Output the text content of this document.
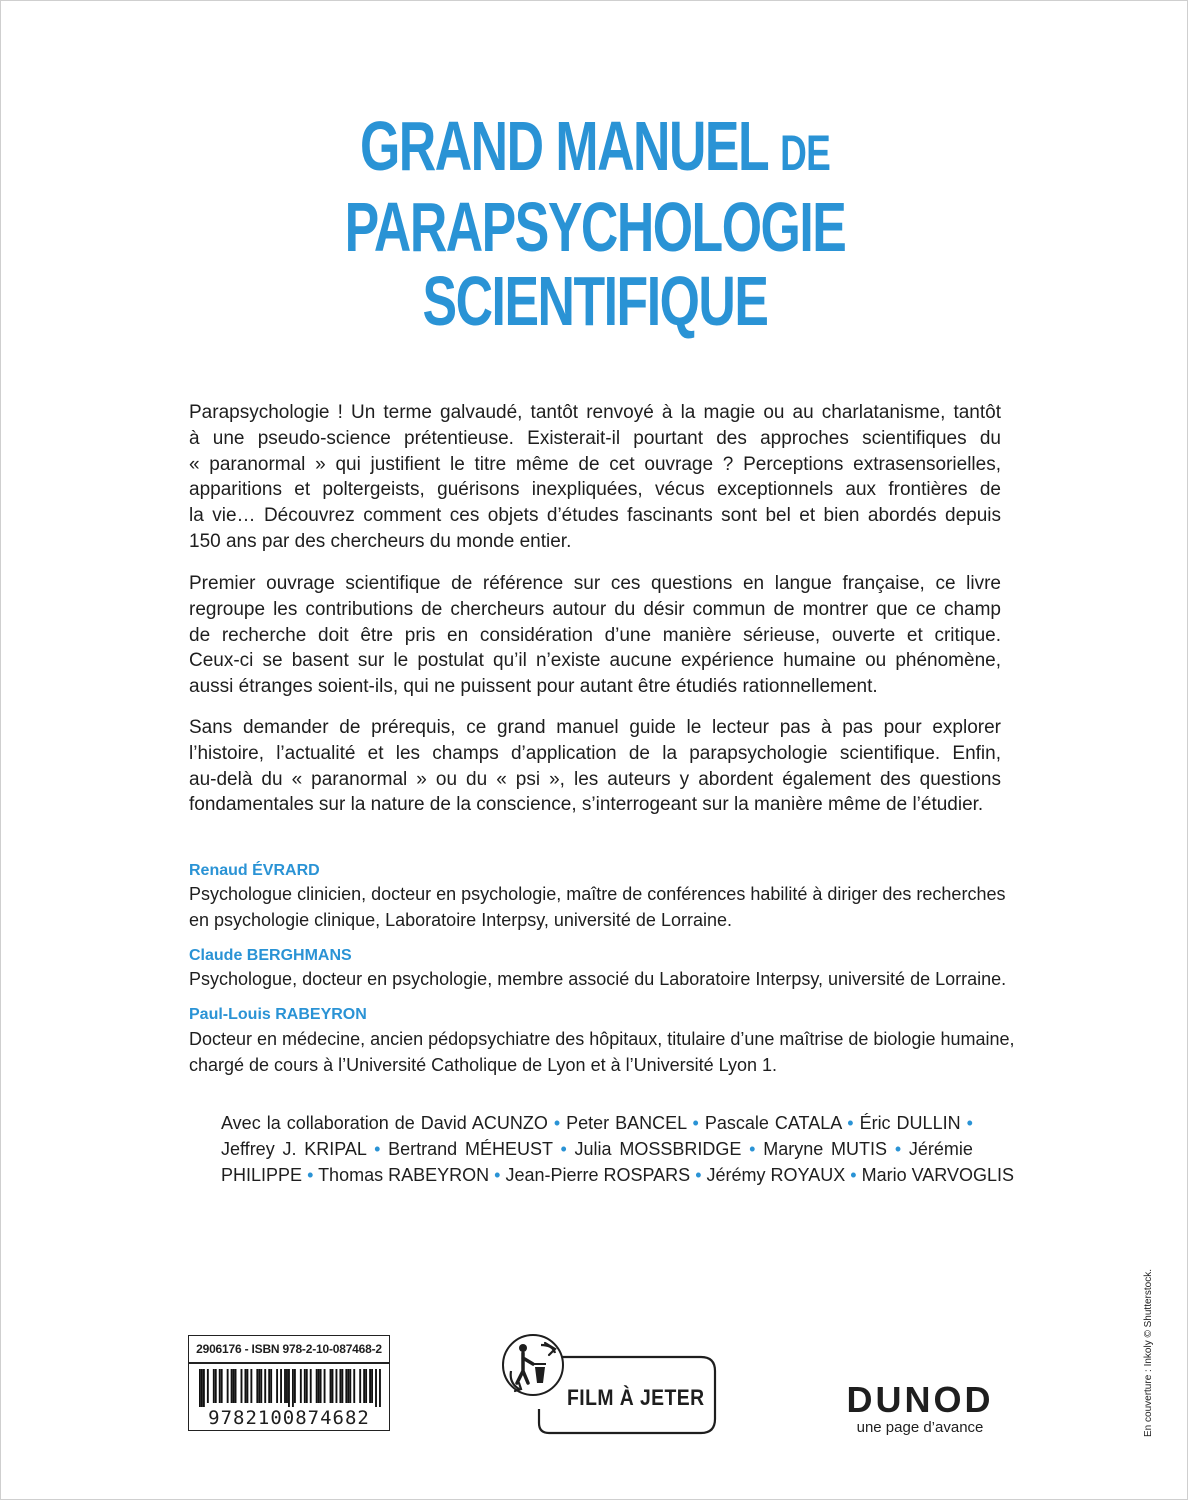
GRAND MANUEL DE
PARAPSYCHOLOGIE
SCIENTIFIQUE

Parapsychologie ! Un terme galvaudé, tantôt renvoyé à la magie ou au charlatanisme, tantôt
à une pseudo-science prétentieuse. Existerait-il pourtant des approches scientifiques du
« paranormal » qui justifient le titre même de cet ouvrage ? Perceptions extrasensorielles,
apparitions et poltergeists, guérisons inexpliquées, vécus exceptionnels aux frontières de
la vie… Découvrez comment ces objets d’études fascinants sont bel et bien abordés depuis
150 ans par des chercheurs du monde entier.

Premier ouvrage scientifique de référence sur ces questions en langue française, ce livre
regroupe les contributions de chercheurs autour du désir commun de montrer que ce champ
de recherche doit être pris en considération d’une manière sérieuse, ouverte et critique.
Ceux-ci se basent sur le postulat qu’il n’existe aucune expérience humaine ou phénomène,
aussi étranges soient-ils, qui ne puissent pour autant être étudiés rationnellement.

Sans demander de prérequis, ce grand manuel guide le lecteur pas à pas pour explorer
l’histoire, l’actualité et les champs d’application de la parapsychologie scientifique. Enfin,
au-delà du « paranormal » ou du « psi », les auteurs y abordent également des questions
fondamentales sur la nature de la conscience, s’interrogeant sur la manière même de l’étudier.

Renaud ÉVRARD

Psychologue clinicien, docteur en psychologie, maître de conférences habilité à diriger des recherches
en psychologie clinique, Laboratoire Interpsy, université de Lorraine.

Claude BERGHMANS

Psychologue, docteur en psychologie, membre associé du Laboratoire Interpsy, université de Lorraine.

Paul-Louis RABEYRON

Docteur en médecine, ancien pédopsychiatre des hôpitaux, titulaire d’une maîtrise de biologie humaine,
chargé de cours à l’Université Catholique de Lyon et à l’Université Lyon 1.

Avec la collaboration de David ACUNZO • Peter BANCEL • Pascale CATALA • Éric DULLIN •
Jeffrey J. KRIPAL • Bertrand MÉHEUST • Julia MOSSBRIDGE • Maryne MUTIS • Jérémie
PHILIPPE • Thomas RABEYRON • Jean-Pierre ROSPARS • Jérémy ROYAUX • Mario VARVOGLIS
2906176 - ISBN 978-2-10-087468-2
9782100874682
FILM À JETER	DUNOD
une page d’avance	En couverture : Inkoly © Shutterstock.
